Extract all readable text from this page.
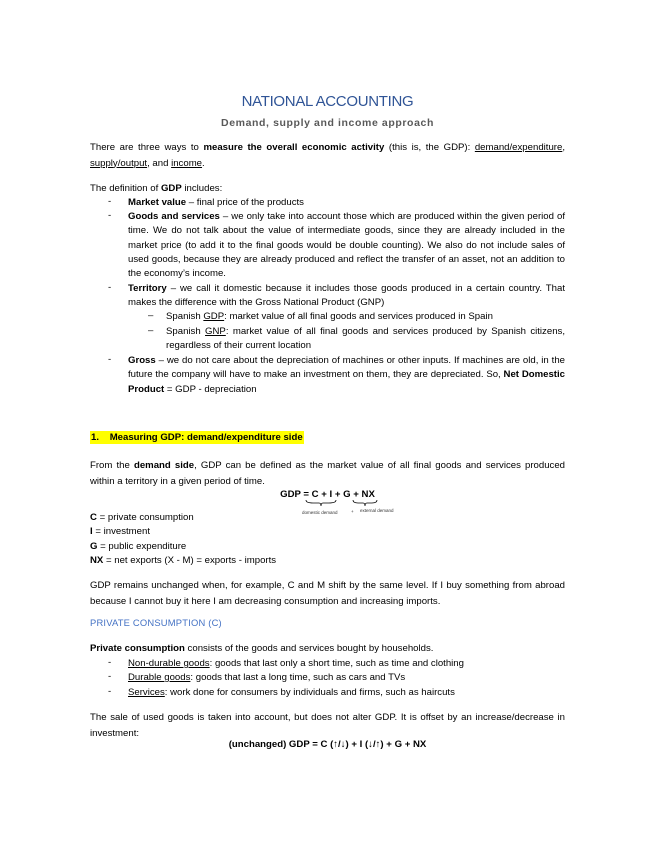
NATIONAL ACCOUNTING
Demand, supply and income approach
There are three ways to measure the overall economic activity (this is, the GDP): demand/expenditure, supply/output, and income.
The definition of GDP includes:
- Market value – final price of the products
- Goods and services – we only take into account those which are produced within the given period of time. We do not talk about the value of intermediate goods, since they are already included in the market price (to add it to the final goods would be double counting). We also do not include sales of used goods, because they are already produced and reflect the transfer of an asset, not an addition to the economy’s income.
- Territory – we call it domestic because it includes those goods produced in a certain country. That makes the difference with the Gross National Product (GNP)
– Spanish GDP: market value of all final goods and services produced in Spain
– Spanish GNP: market value of all final goods and services produced by Spanish citizens, regardless of their current location
- Gross – we do not care about the depreciation of machines or other inputs. If machines are old, in the future the company will have to make an investment on them, they are depreciated. So, Net Domestic Product = GDP - depreciation
1. Measuring GDP: demand/expenditure side
From the demand side, GDP can be defined as the market value of all final goods and services produced within a territory in a given period of time.
GDP = C + I + G + NX
domestic demand	+ external demand
C = private consumption
I = investment
G = public expenditure
NX = net exports (X - M) = exports - imports
GDP remains unchanged when, for example, C and M shift by the same level. If I buy something from abroad because I cannot buy it here I am decreasing consumption and increasing imports.
PRIVATE CONSUMPTION (C)
Private consumption consists of the goods and services bought by households.
- Non-durable goods: goods that last only a short time, such as time and clothing
- Durable goods: goods that last a long time, such as cars and TVs
- Services: work done for consumers by individuals and firms, such as haircuts
The sale of used goods is taken into account, but does not alter GDP. It is offset by an increase/decrease in investment:
(unchanged) GDP = C (↑/↓) + I (↓/↑) + G + NX
